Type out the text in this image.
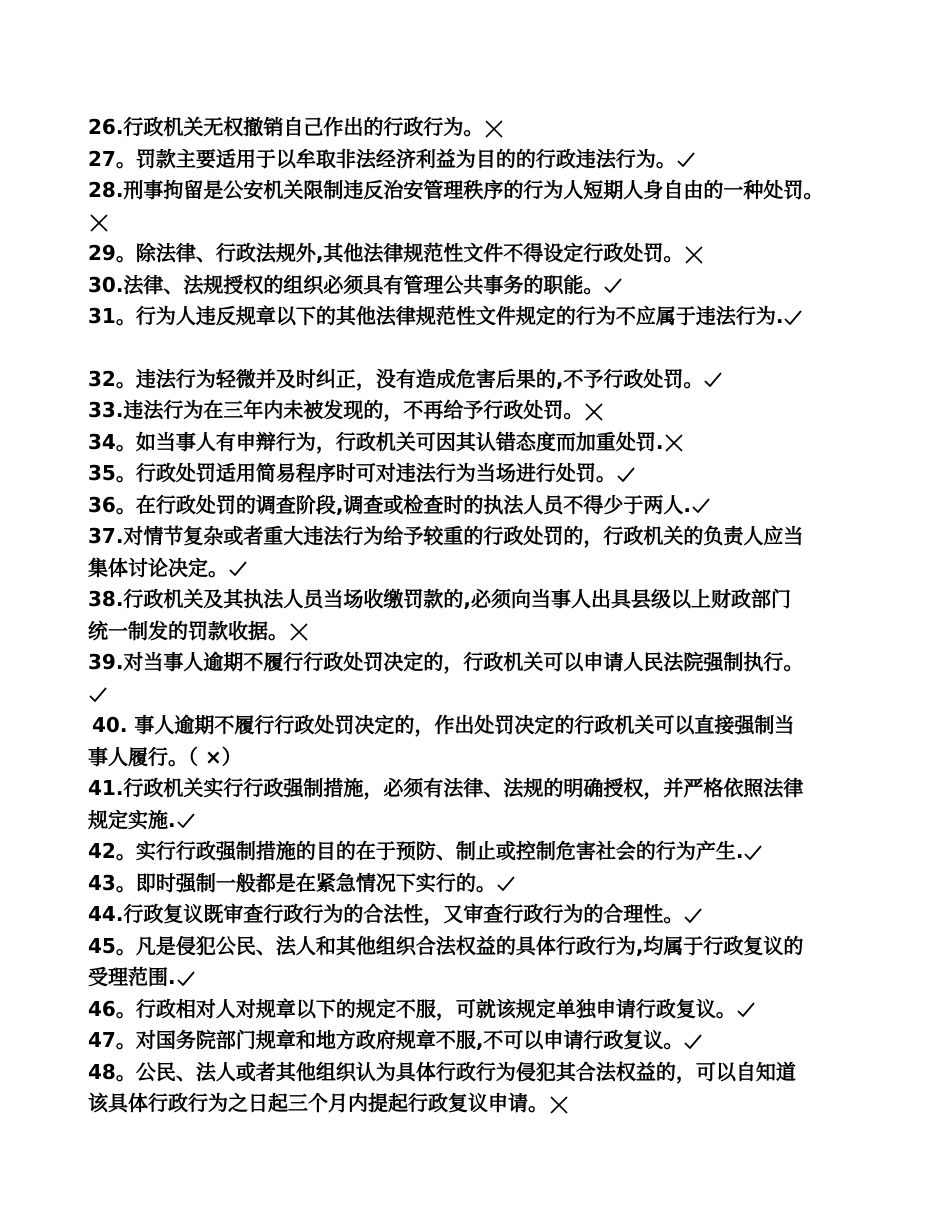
26.行政机关无权撤销自己作出的行政行为。
27。罚款主要适用于以牟取非法经济利益为目的的行政违法行为。
28.刑事拘留是公安机关限制违反治安管理秩序的行为人短期人身自由的一种处罚。
29。除法律、行政法规外,其他法律规范性文件不得设定行政处罚。
30.法律、法规授权的组织必须具有管理公共事务的职能。
31。行为人违反规章以下的其他法律规范性文件规定的行为不应属于违法行为.
32。违法行为轻微并及时纠正，没有造成危害后果的,不予行政处罚。
33.违法行为在三年内未被发现的，不再给予行政处罚。
34。如当事人有申辩行为，行政机关可因其认错态度而加重处罚.
35。行政处罚适用简易程序时可对违法行为当场进行处罚。
36。在行政处罚的调查阶段,调查或检查时的执法人员不得少于两人.
37.对情节复杂或者重大违法行为给予较重的行政处罚的，行政机关的负责人应当
集体讨论决定。
38.行政机关及其执法人员当场收缴罚款的,必须向当事人出具县级以上财政部门
统一制发的罚款收据。
39.对当事人逾期不履行行政处罚决定的，行政机关可以申请人民法院强制执行。
40. 事人逾期不履行行政处罚决定的，作出处罚决定的行政机关可以直接强制当
事人履行。（ ×）
41.行政机关实行行政强制措施，必须有法律、法规的明确授权，并严格依照法律
规定实施.
42。实行行政强制措施的目的在于预防、制止或控制危害社会的行为产生.
43。即时强制一般都是在紧急情况下实行的。
44.行政复议既审查行政行为的合法性，又审查行政行为的合理性。
45。凡是侵犯公民、法人和其他组织合法权益的具体行政行为,均属于行政复议的
受理范围.
46。行政相对人对规章以下的规定不服，可就该规定单独申请行政复议。
47。对国务院部门规章和地方政府规章不服,不可以申请行政复议。
48。公民、法人或者其他组织认为具体行政行为侵犯其合法权益的，可以自知道
该具体行政行为之日起三个月内提起行政复议申请。
